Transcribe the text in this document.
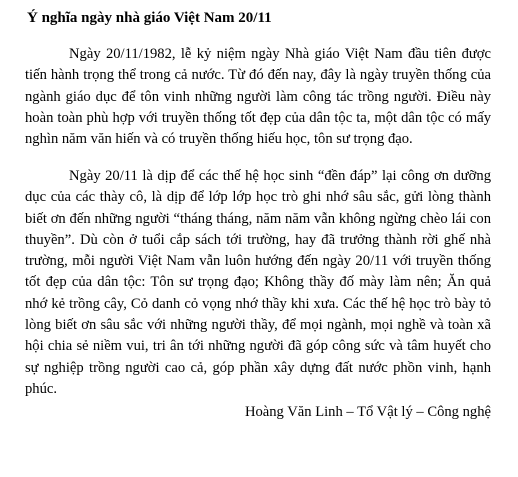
Ý nghĩa ngày nhà giáo Việt Nam 20/11

Ngày 20/11/1982, lễ kỷ niệm ngày Nhà giáo Việt Nam đầu tiên được tiến hành trọng thể trong cả nước. Từ đó đến nay, đây là ngày truyền thống của ngành giáo dục để tôn vinh những người làm công tác trồng người. Điều này hoàn toàn phù hợp với truyền thống tốt đẹp của dân tộc ta, một dân tộc có mấy nghìn năm văn hiến và có truyền thống hiếu học, tôn sư trọng đạo.

Ngày 20/11 là dịp để các thế hệ học sinh “đền đáp” lại công ơn dưỡng dục của các thày cô, là dịp để lớp lớp học trò ghi nhớ sâu sắc, gửi lòng thành biết ơn đến những người “tháng tháng, năm năm vẫn không ngừng chèo lái con thuyền”. Dù còn ở tuổi cắp sách tới trường, hay đã trưởng thành rời ghế nhà trường, mỗi người Việt Nam vẫn luôn hướng đến ngày 20/11 với truyền thống tốt đẹp của dân tộc: Tôn sư trọng đạo; Không thầy đố mày làm nên; Ăn quả nhớ kẻ trồng cây, Cỏ danh cỏ vọng nhớ thầy khi xưa. Các thế hệ học trò bày tỏ lòng biết ơn sâu sắc với những người thầy, để mọi ngành, mọi nghề và toàn xã hội chia sẻ niềm vui, tri ân tới những người đã góp công sức và tâm huyết cho sự nghiệp trồng người cao cả, góp phần xây dựng đất nước phồn vinh, hạnh phúc.

Hoàng Văn Linh – Tổ Vật lý – Công nghệ
